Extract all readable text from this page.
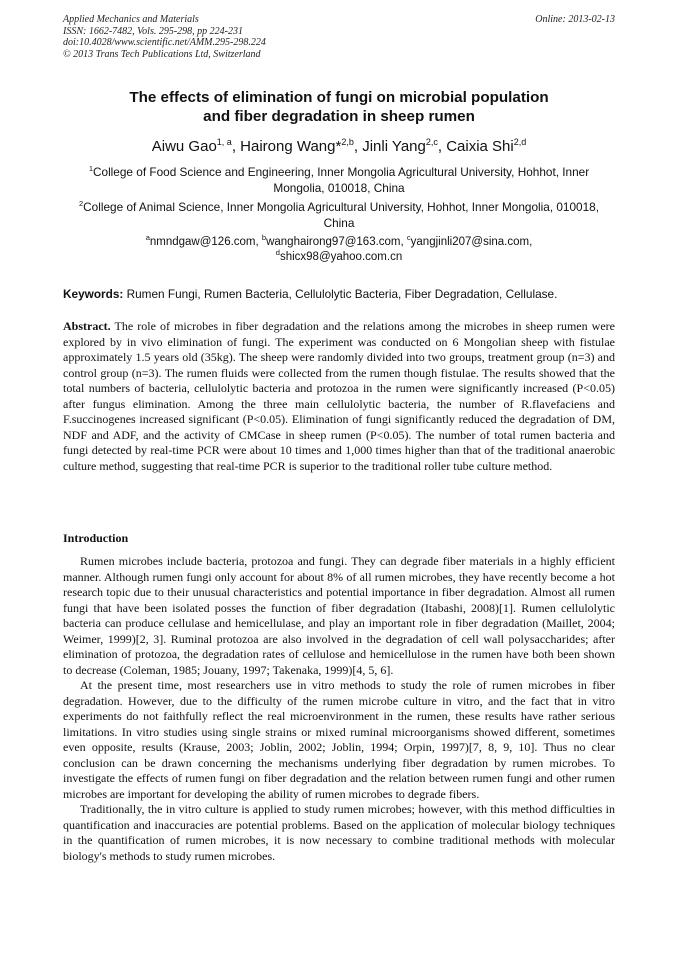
Applied Mechanics and Materials
ISSN: 1662-7482, Vols. 295-298, pp 224-231
doi:10.4028/www.scientific.net/AMM.295-298.224
© 2013 Trans Tech Publications Ltd, Switzerland
Online: 2013-02-13
The effects of elimination of fungi on microbial population
and fiber degradation in sheep rumen
Aiwu Gao$^{1, a}$, Hairong Wang*$^{2,b}$, Jinli Yang$^{2,c}$, Caixia Shi$^{2,d}$
$^1$College of Food Science and Engineering, Inner Mongolia Agricultural University, Hohhot, Inner Mongolia, 010018, China
$^2$College of Animal Science, Inner Mongolia Agricultural University, Hohhot, Inner Mongolia, 010018, China
$^a$nmndgaw@126.com, $^b$wanghairong97@163.com, $^c$yangjinli207@sina.com,
$^d$shicx98@yahoo.com.cn
Keywords: Rumen Fungi, Rumen Bacteria, Cellulolytic Bacteria, Fiber Degradation, Cellulase.
Abstract. The role of microbes in fiber degradation and the relations among the microbes in sheep rumen were explored by in vivo elimination of fungi. The experiment was conducted on 6 Mongolian sheep with fistulae approximately 1.5 years old (35kg). The sheep were randomly divided into two groups, treatment group (n=3) and control group (n=3). The rumen fluids were collected from the rumen though fistulae. The results showed that the total numbers of bacteria, cellulolytic bacteria and protozoa in the rumen were significantly increased (P<0.05) after fungus elimination. Among the three main cellulolytic bacteria, the number of R.flavefaciens and F.succinogenes increased significant (P<0.05). Elimination of fungi significantly reduced the degradation of DM, NDF and ADF, and the activity of CMCase in sheep rumen (P<0.05). The number of total rumen bacteria and fungi detected by real-time PCR were about 10 times and 1,000 times higher than that of the traditional anaerobic culture method, suggesting that real-time PCR is superior to the traditional roller tube culture method.
Introduction

Rumen microbes include bacteria, protozoa and fungi. They can degrade fiber materials in a highly efficient manner. Although rumen fungi only account for about 8% of all rumen microbes, they have recently become a hot research topic due to their unusual characteristics and potential importance in fiber degradation. Almost all rumen fungi that have been isolated posses the function of fiber degradation (Itabashi, 2008)[1]. Rumen cellulolytic bacteria can produce cellulase and hemicellulase, and play an important role in fiber degradation (Maillet, 2004; Weimer, 1999)[2, 3]. Ruminal protozoa are also involved in the degradation of cell wall polysaccharides; after elimination of protozoa, the degradation rates of cellulose and hemicellulose in the rumen have both been shown to decrease (Coleman, 1985; Jouany, 1997; Takenaka, 1999)[4, 5, 6].

At the present time, most researchers use in vitro methods to study the role of rumen microbes in fiber degradation. However, due to the difficulty of the rumen microbe culture in vitro, and the fact that in vitro experiments do not faithfully reflect the real microenvironment in the rumen, these results have rather serious limitations. In vitro studies using single strains or mixed ruminal microorganisms showed different, sometimes even opposite, results (Krause, 2003; Joblin, 2002; Joblin, 1994; Orpin, 1997)[7, 8, 9, 10]. Thus no clear conclusion can be drawn concerning the mechanisms underlying fiber degradation by rumen microbes. To investigate the effects of rumen fungi on fiber degradation and the relation between rumen fungi and other rumen microbes are important for developing the ability of rumen microbes to degrade fibers.

Traditionally, the in vitro culture is applied to study rumen microbes; however, with this method difficulties in quantification and inaccuracies are potential problems. Based on the application of molecular biology techniques in the quantification of rumen microbes, it is now necessary to combine traditional methods with molecular biology's methods to study rumen microbes.
